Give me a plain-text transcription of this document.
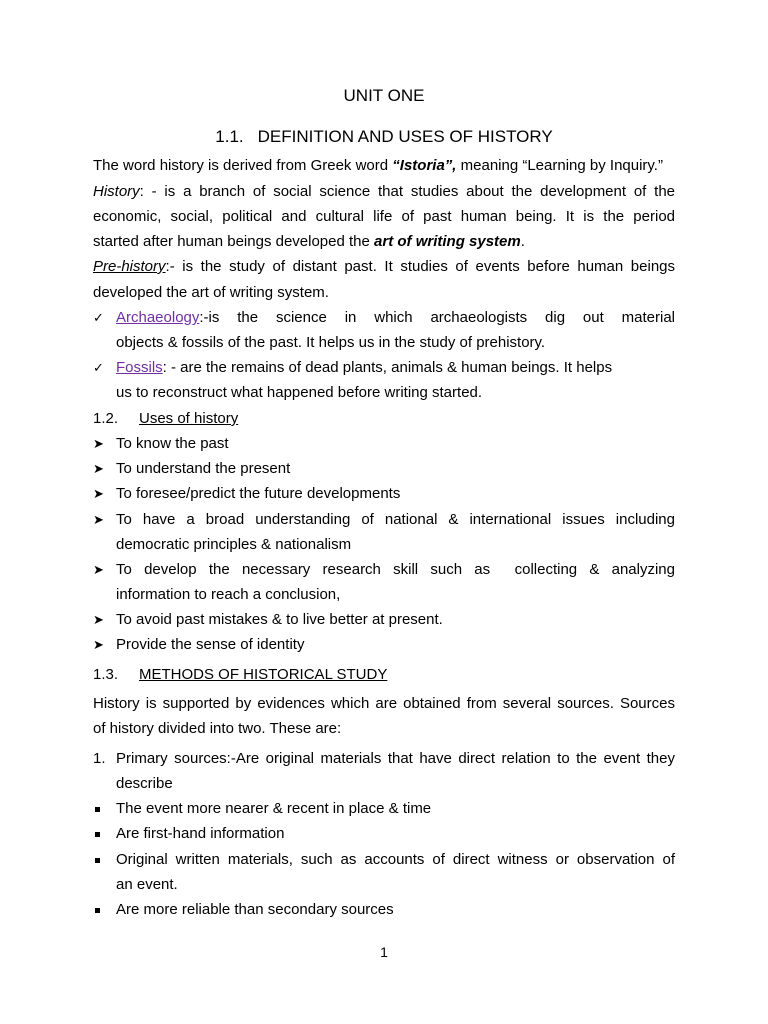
UNIT ONE
1.1. DEFINITION AND USES OF HISTORY
The word history is derived from Greek word “Istoria”, meaning “Learning by Inquiry.”
History: - is a branch of social science that studies about the development of the
economic, social, political and cultural life of past human being. It is the period
started after human beings developed the art of writing system.
Pre-history:- is the study of distant past. It studies of events before human beings
developed the art of writing system.
✓ Archaeology:-is the science in which archaeologists dig out material
objects & fossils of the past. It helps us in the study of prehistory.
✓ Fossils: - are the remains of dead plants, animals & human beings. It helps
us to reconstruct what happened before writing started.
1.2. Uses of history
➤ To know the past
➤ To understand the present
➤ To foresee/predict the future developments
➤ To have a broad understanding of national & international issues including
democratic principles & nationalism
➤ To develop the necessary research skill such as  collecting & analyzing
information to reach a conclusion,
➤ To avoid past mistakes & to live better at present.
➤ Provide the sense of identity
1.3. METHODS OF HISTORICAL STUDY
History is supported by evidences which are obtained from several sources. Sources
of history divided into two. These are:
1. Primary sources:-Are original materials that have direct relation to the event they
describe
The event more nearer & recent in place & time
Are first-hand information
Original written materials, such as accounts of direct witness or observation of
an event.
Are more reliable than secondary sources
1
